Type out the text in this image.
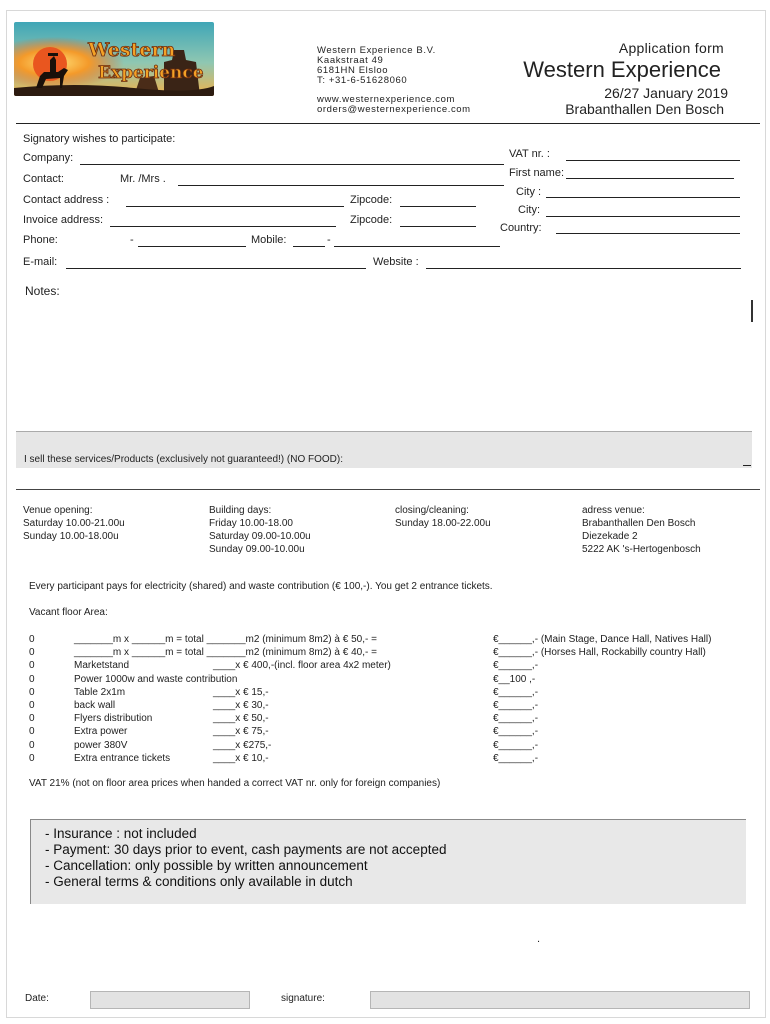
Western
Experience
Western Experience B.V.
Kaakstraat 49
6181HN Elsloo
T: +31-6-51628060
www.westernexperience.com
orders@westernexperience.com
Application form
Western Experience
26/27 January 2019
Brabanthallen Den Bosch
Signatory wishes to participate:
Company:	VAT nr. :
Contact:	Mr. /Mrs .	First name:
City :
Contact address :	Zipcode:
City:
Invoice address:	Zipcode:
Country:
Phone:	-	Mobile:	-
E-mail:	Website :
Notes:
I sell these services/Products (exclusively not guaranteed!) (NO FOOD):
Venue opening:
Saturday 10.00-21.00u
Sunday 10.00-18.00u
Building days:
Friday 10.00-18.00
Saturday 09.00-10.00u
Sunday 09.00-10.00u
closing/cleaning:
Sunday 18.00-22.00u
adress venue:
Brabanthallen Den Bosch
Diezekade 2
5222 AK 's-Hertogenbosch
Every participant pays for electricity (shared) and waste contribution (€ 100,-). You get 2 entrance tickets.
Vacant floor Area:
0	_______m x ______m = total _______m2 (minimum 8m2) à € 50,- =	€______,- (Main Stage, Dance Hall, Natives Hall)
0	_______m x ______m = total _______m2 (minimum 8m2) à € 40,- =	€______,- (Horses Hall, Rockabilly country Hall)
0	Marketstand	____x € 400,-(incl. floor area 4x2 meter)	€______,-
0	Power 1000w and waste contribution	€__100 ,-
0	Table 2x1m	____x € 15,-	€______,-
0	back wall	____x € 30,-	€______,-
0	Flyers distribution	____x € 50,-	€______,-
0	Extra power	____x € 75,-	€______,-
0	power 380V	____x €275,-	€______,-
0	Extra entrance tickets	____x € 10,-	€______,-
VAT 21% (not on floor area prices when handed a correct VAT nr. only for foreign companies)
- Insurance : not included
- Payment: 30 days prior to event, cash payments are not accepted
- Cancellation: only possible by written announcement
- General terms & conditions only available in dutch
.
Date:	signature:
